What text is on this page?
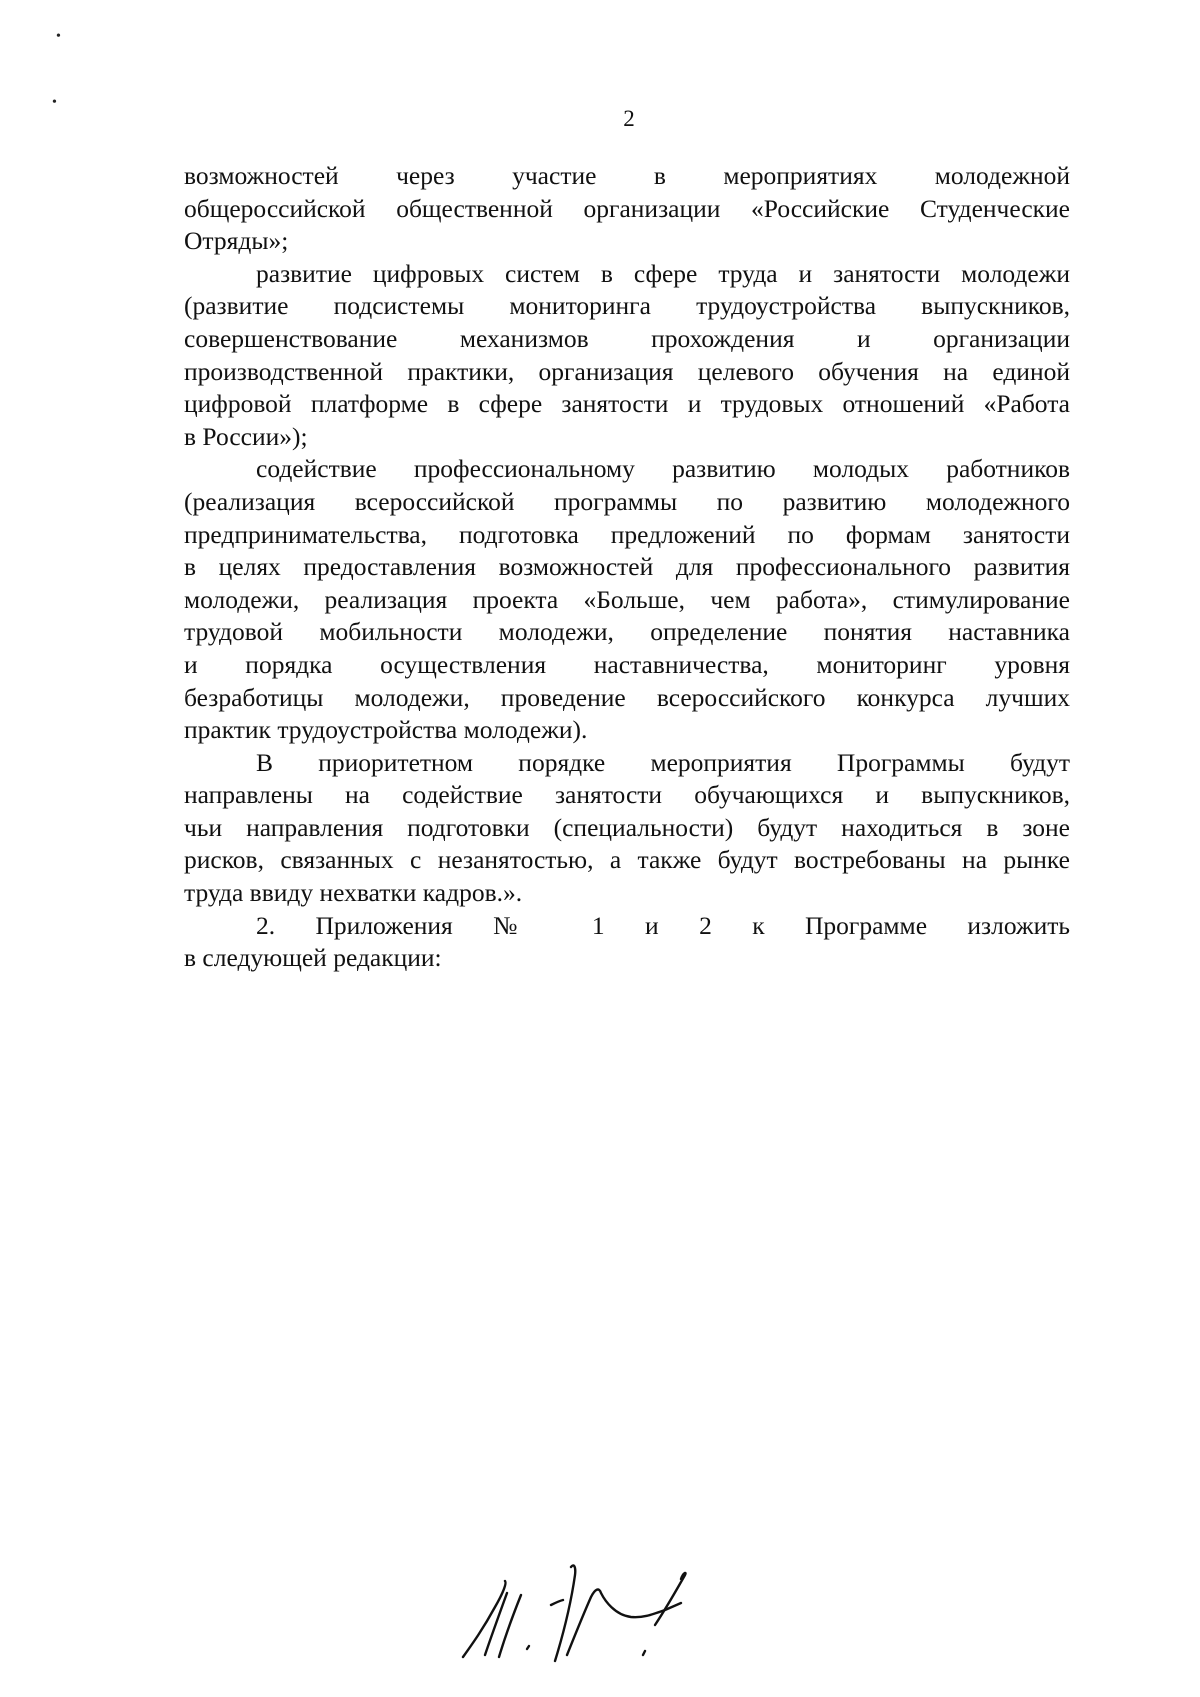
•
•
2

возможностей через участие в мероприятиях молодежной
общероссийской общественной организации «Российские Студенческие
Отряды»;

развитие цифровых систем в сфере труда и занятости молодежи
(развитие подсистемы мониторинга трудоустройства выпускников,
совершенствование механизмов прохождения и организации
производственной практики, организация целевого обучения на единой
цифровой платформе в сфере занятости и трудовых отношений «Работа
в России»);

содействие профессиональному развитию молодых работников
(реализация всероссийской программы по развитию молодежного
предпринимательства, подготовка предложений по формам занятости
в целях предоставления возможностей для профессионального развития
молодежи, реализация проекта «Больше, чем работа», стимулирование
трудовой мобильности молодежи, определение понятия наставника
и порядка осуществления наставничества, мониторинг уровня
безработицы молодежи, проведение всероссийского конкурса лучших
практик трудоустройства молодежи).

В приоритетном порядке мероприятия Программы будут
направлены на содействие занятости обучающихся и выпускников,
чьи направления подготовки (специальности) будут находиться в зоне
рисков, связанных с незанятостью, а также будут востребованы на рынке
труда ввиду нехватки кадров.».

2. Приложения № 1 и 2 к Программе изложить
в следующей редакции:
